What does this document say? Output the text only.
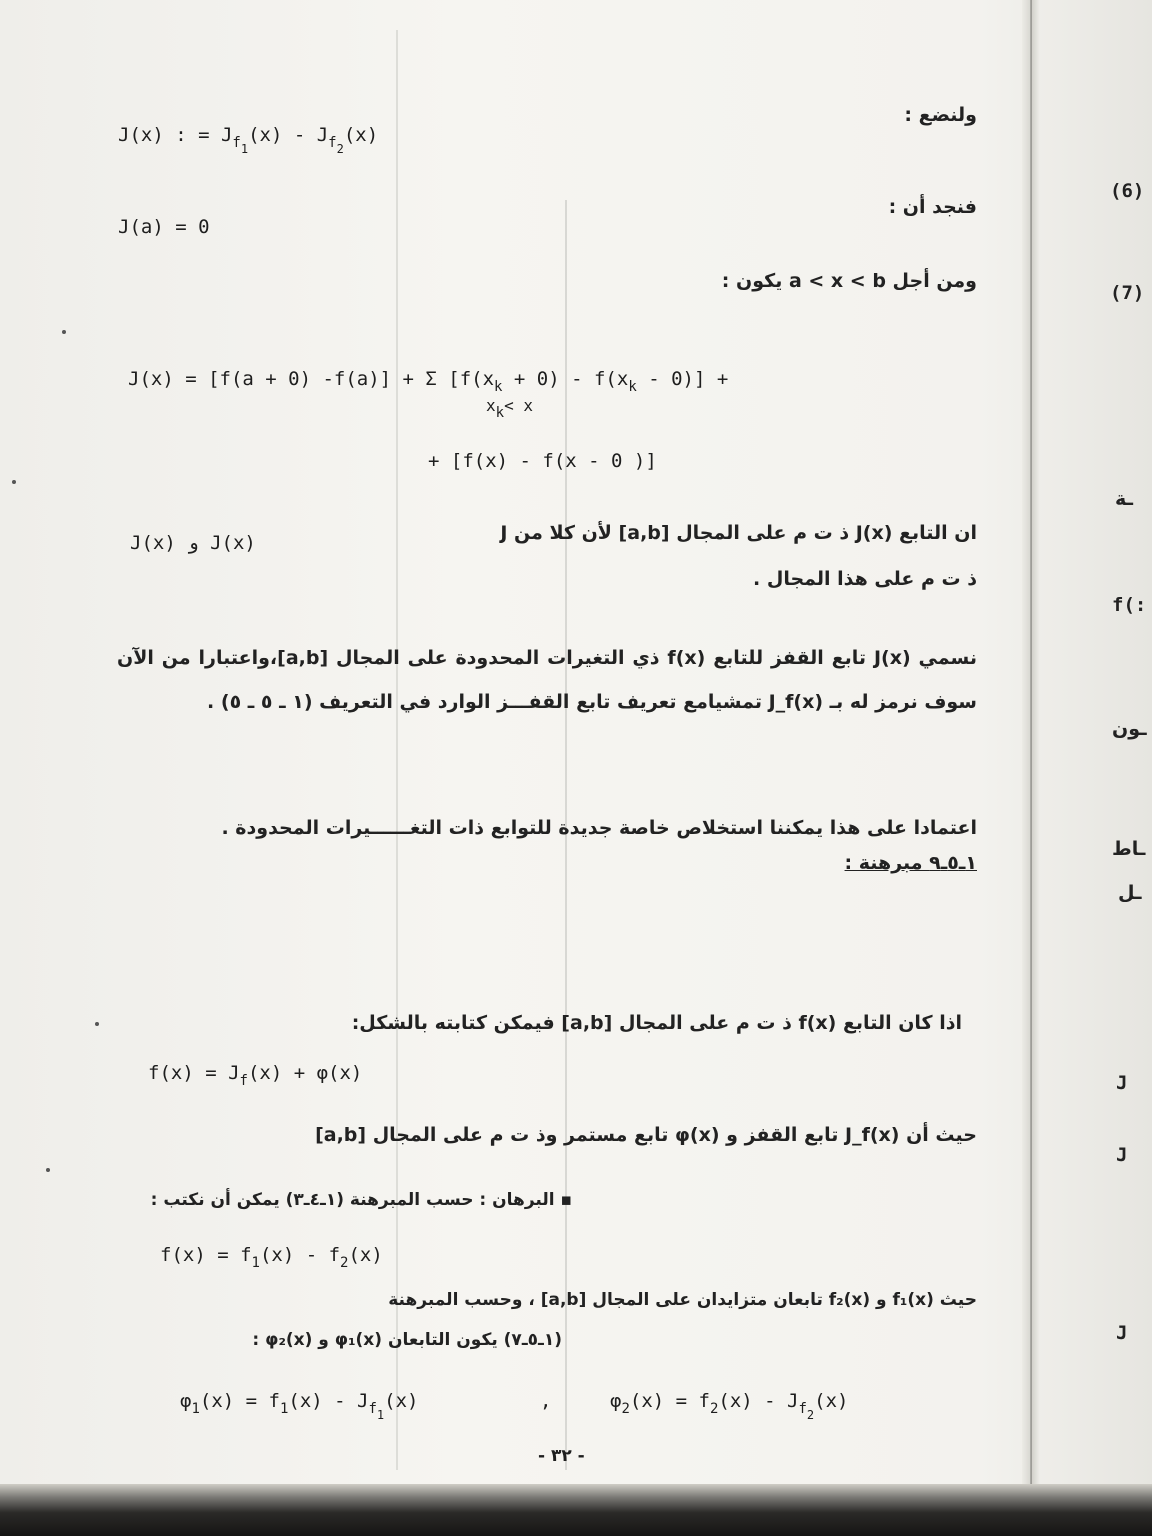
ولنضع :
J(x) : = $J_{f1}(x) - J_{f2}(x)$
فنجد أن :
J(a) = 0
ومن أجل a < x < b يكون :
J(x) = [f(a + 0) -f(a)] + Σ $[f(x_k + 0) - f(x_k - 0)]$ +
$x_k< x$
+ [f(x) - f(x - 0 )]
ان التابع J(x) ذ ت م على المجال [a,b] لأن كلا من J
J(x) و J(x)
ذ ت م على هذا المجال .
نسمي J(x) تابع القفز للتابع f(x) ذي التغيرات المحدودة على المجال [a,b]،واعتبارا من الآن سوف نرمز له بـ J_f(x) تمشيامع تعريف تابع القفـــز الوارد في التعريف (١ ـ ٥ ـ ٥) .
اعتمادا على هذا يمكننا استخلاص خاصة جديدة للتوابع ذات التغــــــيرات المحدودة .
١ـ٥ـ٩ مبرهنة :
اذا كان التابع f(x) ذ ت م على المجال [a,b] فيمكن كتابته بالشكل:
$f(x) = J_f(x) + \varphi(x)$
حيث أن J_f(x) تابع القفز و φ(x) تابع مستمر وذ ت م على المجال [a,b]
▪ البرهان : حسب المبرهنة (١ـ٤ـ٣) يمكن أن نكتب :
$f(x) = f_1(x) - f_2(x)$
حيث f₁(x) و f₂(x) تابعان متزايدان على المجال [a,b] ، وحسب المبرهنة
(١ـ٥ـ٧) يكون التابعان φ₁(x) و φ₂(x) :
$\varphi_1(x) = f_1(x) - J_{f1}(x)$	,	$\varphi_2(x) = f_2(x) - J_{f2}(x)$
- ٣٢ -
(6)
(7)
ـة
f(:
ـون
ـاط
ـل
J
J
J
